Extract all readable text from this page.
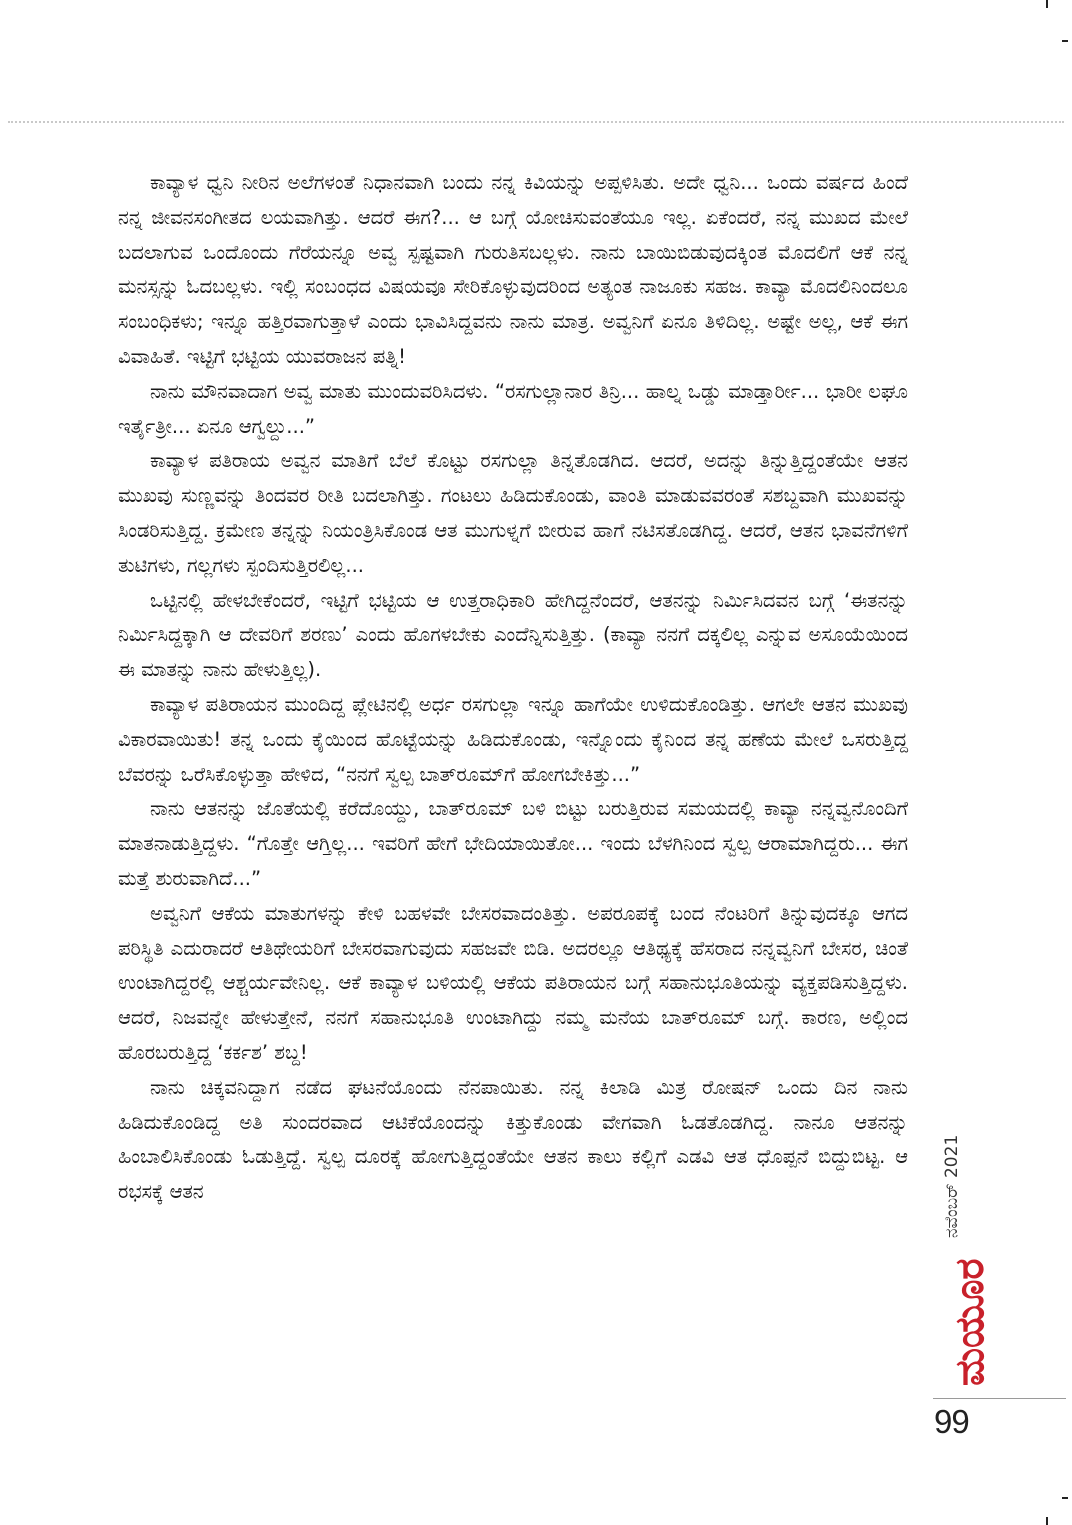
ಕಾವ್ಯಾಳ ಧ್ವನಿ ನೀರಿನ ಅಲೆಗಳಂತೆ ನಿಧಾನವಾಗಿ ಬಂದು ನನ್ನ ಕಿವಿಯನ್ನು ಅಪ್ಪಳಿಸಿತು. ಅದೇ ಧ್ವನಿ... ಒಂದು ವರ್ಷದ ಹಿಂದೆ ನನ್ನ ಜೀವನಸಂಗೀತದ ಲಯವಾಗಿತ್ತು. ಆದರೆ ಈಗ?... ಆ ಬಗ್ಗೆ ಯೋಚಿಸುವಂತೆಯೂ ಇಲ್ಲ. ಏಕೆಂದರೆ, ನನ್ನ ಮುಖದ ಮೇಲೆ ಬದಲಾಗುವ ಒಂದೊಂದು ಗೆರೆಯನ್ನೂ ಅವ್ವ ಸ್ಪಷ್ಟವಾಗಿ ಗುರುತಿಸಬಲ್ಲಳು. ನಾನು ಬಾಯಿಬಿಡುವುದಕ್ಕಿಂತ ಮೊದಲಿಗೆ ಆಕೆ ನನ್ನ ಮನಸ್ಸನ್ನು ಓದಬಲ್ಲಳು. ಇಲ್ಲಿ ಸಂಬಂಧದ ವಿಷಯವೂ ಸೇರಿಕೊಳ್ಳುವುದರಿಂದ ಅತ್ಯಂತ ನಾಜೂಕು ಸಹಜ. ಕಾವ್ಯಾ ಮೊದಲಿನಿಂದಲೂ ಸಂಬಂಧಿಕಳು; ಇನ್ನೂ ಹತ್ತಿರವಾಗುತ್ತಾಳೆ ಎಂದು ಭಾವಿಸಿದ್ದವನು ನಾನು ಮಾತ್ರ. ಅವ್ವನಿಗೆ ಏನೂ ತಿಳಿದಿಲ್ಲ. ಅಷ್ಟೇ ಅಲ್ಲ, ಆಕೆ ಈಗ ವಿವಾಹಿತೆ. ಇಟ್ಟಿಗೆ ಭಟ್ಟಿಯ ಯುವರಾಜನ ಪತ್ನಿ!

ನಾನು ಮೌನವಾದಾಗ ಅವ್ವ ಮಾತು ಮುಂದುವರಿಸಿದಳು. “ರಸಗುಲ್ಲಾನಾರ ತಿನ್ರಿ... ಹಾಲ್ನ ಒಡ್ಡು ಮಾಡ್ತಾರ್ರೀ... ಭಾರೀ ಲಘೂ ಇರ್ತೈತ್ರೀ... ಏನೂ ಆಗ್ವಲ್ದು...”

ಕಾವ್ಯಾಳ ಪತಿರಾಯ ಅವ್ವನ ಮಾತಿಗೆ ಬೆಲೆ ಕೊಟ್ಟು ರಸಗುಲ್ಲಾ ತಿನ್ನತೊಡಗಿದ. ಆದರೆ, ಅದನ್ನು ತಿನ್ನುತ್ತಿದ್ದಂತೆಯೇ ಆತನ ಮುಖವು ಸುಣ್ಣವನ್ನು ತಿಂದವರ ರೀತಿ ಬದಲಾಗಿತ್ತು. ಗಂಟಲು ಹಿಡಿದುಕೊಂಡು, ವಾಂತಿ ಮಾಡುವವರಂತೆ ಸಶಬ್ದವಾಗಿ ಮುಖವನ್ನು ಸಿಂಡರಿಸುತ್ತಿದ್ದ. ಕ್ರಮೇಣ ತನ್ನನ್ನು ನಿಯಂತ್ರಿಸಿಕೊಂಡ ಆತ ಮುಗುಳ್ನಗೆ ಬೀರುವ ಹಾಗೆ ನಟಿಸತೊಡಗಿದ್ದ. ಆದರೆ, ಆತನ ಭಾವನೆಗಳಿಗೆ ತುಟಿಗಳು, ಗಲ್ಲಗಳು ಸ್ಪಂದಿಸುತ್ತಿರಲಿಲ್ಲ...

ಒಟ್ಟಿನಲ್ಲಿ ಹೇಳಬೇಕೆಂದರೆ, ಇಟ್ಟಿಗೆ ಭಟ್ಟಿಯ ಆ ಉತ್ತರಾಧಿಕಾರಿ ಹೇಗಿದ್ದನೆಂದರೆ, ಆತನನ್ನು ನಿರ್ಮಿಸಿದವನ ಬಗ್ಗೆ ‘ಈತನನ್ನು ನಿರ್ಮಿಸಿದ್ದಕ್ಕಾಗಿ ಆ ದೇವರಿಗೆ ಶರಣು’ ಎಂದು ಹೊಗಳಬೇಕು ಎಂದೆನ್ನಿಸುತ್ತಿತ್ತು. (ಕಾವ್ಯಾ ನನಗೆ ದಕ್ಕಲಿಲ್ಲ ಎನ್ನುವ ಅಸೂಯೆಯಿಂದ ಈ ಮಾತನ್ನು ನಾನು ಹೇಳುತ್ತಿಲ್ಲ).

ಕಾವ್ಯಾಳ ಪತಿರಾಯನ ಮುಂದಿದ್ದ ಪ್ಲೇಟಿನಲ್ಲಿ ಅರ್ಧ ರಸಗುಲ್ಲಾ ಇನ್ನೂ ಹಾಗೆಯೇ ಉಳಿದುಕೊಂಡಿತ್ತು. ಆಗಲೇ ಆತನ ಮುಖವು ವಿಕಾರವಾಯಿತು! ತನ್ನ ಒಂದು ಕೈಯಿಂದ ಹೊಟ್ಟೆಯನ್ನು ಹಿಡಿದುಕೊಂಡು, ಇನ್ನೊಂದು ಕೈನಿಂದ ತನ್ನ ಹಣೆಯ ಮೇಲೆ ಒಸರುತ್ತಿದ್ದ ಬೆವರನ್ನು ಒರೆಸಿಕೊಳ್ಳುತ್ತಾ ಹೇಳಿದ, “ನನಗೆ ಸ್ವಲ್ಪ ಬಾತ್‌ರೂಮ್‌ಗೆ ಹೋಗಬೇಕಿತ್ತು...”

ನಾನು ಆತನನ್ನು ಜೊತೆಯಲ್ಲಿ ಕರೆದೊಯ್ದು, ಬಾತ್‌ರೂಮ್ ಬಳಿ ಬಿಟ್ಟು ಬರುತ್ತಿರುವ ಸಮಯದಲ್ಲಿ ಕಾವ್ಯಾ ನನ್ನವ್ವನೊಂದಿಗೆ ಮಾತನಾಡುತ್ತಿದ್ದಳು. “ಗೊತ್ತೇ ಆಗ್ತಿಲ್ಲ... ಇವರಿಗೆ ಹೇಗೆ ಭೇದಿಯಾಯಿತೋ... ಇಂದು ಬೆಳಗಿನಿಂದ ಸ್ವಲ್ಪ ಆರಾಮಾಗಿದ್ದರು... ಈಗ ಮತ್ತೆ ಶುರುವಾಗಿದೆ...”

ಅವ್ವನಿಗೆ ಆಕೆಯ ಮಾತುಗಳನ್ನು ಕೇಳಿ ಬಹಳವೇ ಬೇಸರವಾದಂತಿತ್ತು. ಅಪರೂಪಕ್ಕೆ ಬಂದ ನೆಂಟರಿಗೆ ತಿನ್ನುವುದಕ್ಕೂ ಆಗದ ಪರಿಸ್ಥಿತಿ ಎದುರಾದರೆ ಆತಿಥೇಯರಿಗೆ ಬೇಸರವಾಗುವುದು ಸಹಜವೇ ಬಿಡಿ. ಅದರಲ್ಲೂ ಆತಿಥ್ಯಕ್ಕೆ ಹೆಸರಾದ ನನ್ನವ್ವನಿಗೆ ಬೇಸರ, ಚಿಂತೆ ಉಂಟಾಗಿದ್ದರಲ್ಲಿ ಆಶ್ಚರ್ಯವೇನಿಲ್ಲ. ಆಕೆ ಕಾವ್ಯಾಳ ಬಳಿಯಲ್ಲಿ ಆಕೆಯ ಪತಿರಾಯನ ಬಗ್ಗೆ ಸಹಾನುಭೂತಿಯನ್ನು ವ್ಯಕ್ತಪಡಿಸುತ್ತಿದ್ದಳು. ಆದರೆ, ನಿಜವನ್ನೇ ಹೇಳುತ್ತೇನೆ, ನನಗೆ ಸಹಾನುಭೂತಿ ಉಂಟಾಗಿದ್ದು ನಮ್ಮ ಮನೆಯ ಬಾತ್‌ರೂಮ್ ಬಗ್ಗೆ. ಕಾರಣ, ಅಲ್ಲಿಂದ ಹೊರಬರುತ್ತಿದ್ದ ‘ಕರ್ಕಶ’ ಶಬ್ದ!

ನಾನು ಚಿಕ್ಕವನಿದ್ದಾಗ ನಡೆದ ಘಟನೆಯೊಂದು ನೆನಪಾಯಿತು. ನನ್ನ ಕಿಲಾಡಿ ಮಿತ್ರ ರೋಷನ್ ಒಂದು ದಿನ ನಾನು ಹಿಡಿದುಕೊಂಡಿದ್ದ ಅತಿ ಸುಂದರವಾದ ಆಟಿಕೆಯೊಂದನ್ನು ಕಿತ್ತುಕೊಂಡು ವೇಗವಾಗಿ ಓಡತೊಡಗಿದ್ದ. ನಾನೂ ಆತನನ್ನು ಹಿಂಬಾಲಿಸಿಕೊಂಡು ಓಡುತ್ತಿದ್ದೆ. ಸ್ವಲ್ಪ ದೂರಕ್ಕೆ ಹೋಗುತ್ತಿದ್ದಂತೆಯೇ ಆತನ ಕಾಲು ಕಲ್ಲಿಗೆ ಎಡವಿ ಆತ ಧೊಪ್ಪನೆ ಬಿದ್ದುಬಿಟ್ಟ. ಆ ರಭಸಕ್ಕೆ ಆತನ	ನವೆಂಬರ್ 2021
ಮಯೂರ
99
